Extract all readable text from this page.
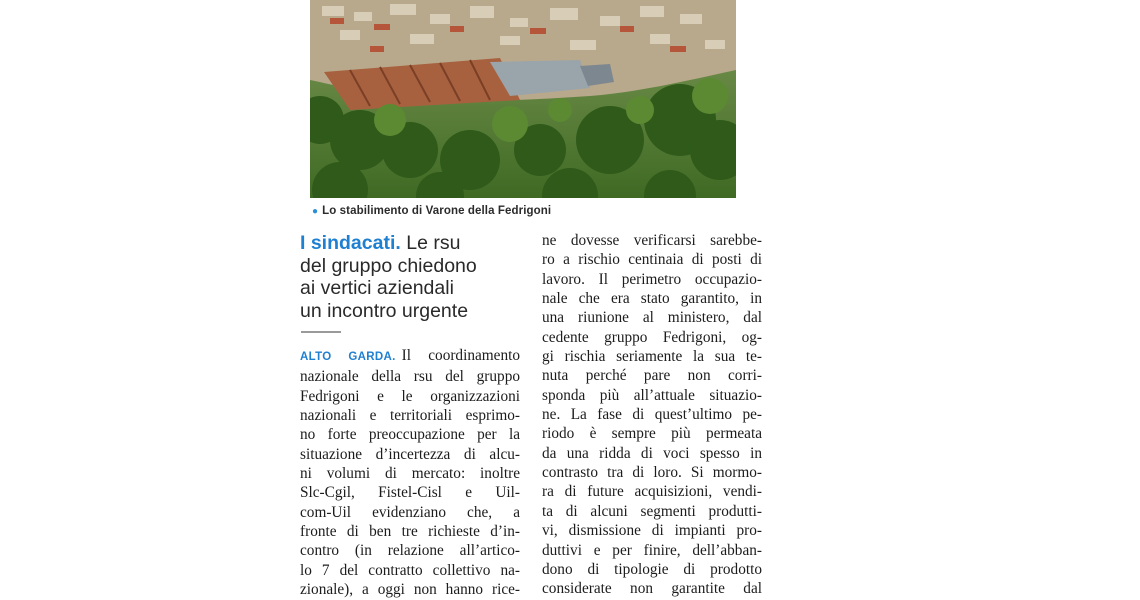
● Lo stabilimento di Varone della Fedrigoni
I sindacati. Le rsu
del gruppo chiedono
ai vertici aziendali
un incontro urgente
ALTO GARDA. Il coordinamento
nazionale della rsu del gruppo
Fedrigoni e le organizzazioni
nazionali e territoriali esprimo-
no forte preoccupazione per la
situazione d’incertezza di alcu-
ni volumi di mercato: inoltre
Slc-Cgil, Fistel-Cisl e Uil-
com-Uil evidenziano che, a
fronte di ben tre richieste d’in-
contro (in relazione all’artico-
lo 7 del contratto collettivo na-
zionale), a oggi non hanno rice-
ne dovesse verificarsi sarebbe-
ro a rischio centinaia di posti di
lavoro. Il perimetro occupazio-
nale che era stato garantito, in
una riunione al ministero, dal
cedente gruppo Fedrigoni, og-
gi rischia seriamente la sua te-
nuta perché pare non corri-
sponda più all’attuale situazio-
ne. La fase di quest’ultimo pe-
riodo è sempre più permeata
da una ridda di voci spesso in
contrasto tra di loro. Si mormo-
ra di future acquisizioni, vendi-
ta di alcuni segmenti produtti-
vi, dismissione di impianti pro-
duttivi e per finire, dell’abban-
dono di tipologie di prodotto
considerate non garantite dal
